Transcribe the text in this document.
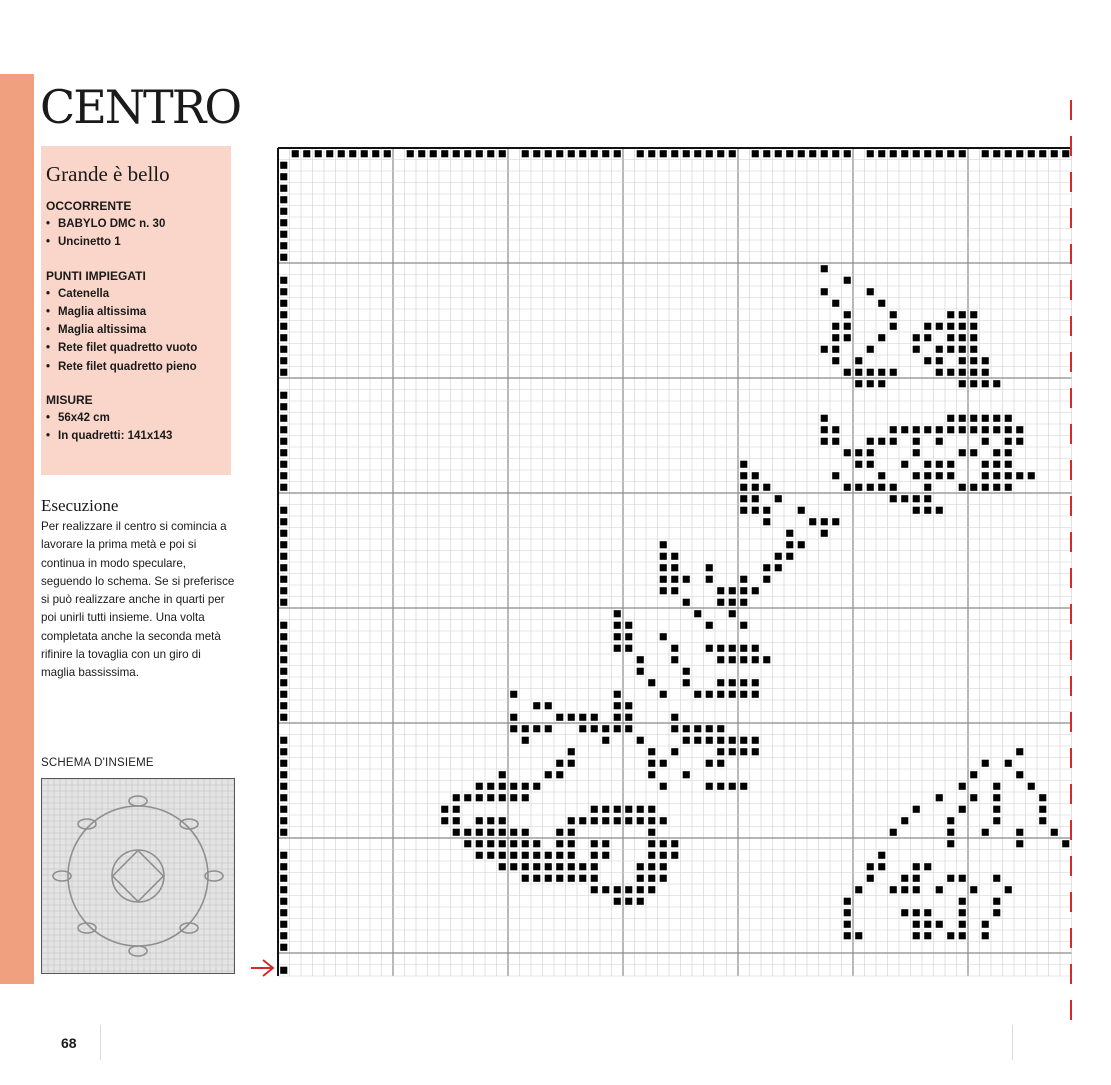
CENTRO
Grande è bello
OCCORRENTE
• BABYLO DMC n. 30
• Uncinetto 1
PUNTI IMPIEGATI
• Catenella
• Maglia altissima
• Maglia altissima
• Rete filet quadretto vuoto
• Rete filet quadretto pieno
MISURE
• 56x42 cm
• In quadretti: 141x143
Esecuzione

Per realizzare il centro si comincia a lavorare la prima metà e poi si continua in modo speculare, seguendo lo schema. Se si preferisce si può realizzare anche in quarti per poi unirli tutti insieme. Una volta completata anche la seconda metà rifinire la tovaglia con un giro di maglia bassissima.

SCHEMA D'INSIEME
68
